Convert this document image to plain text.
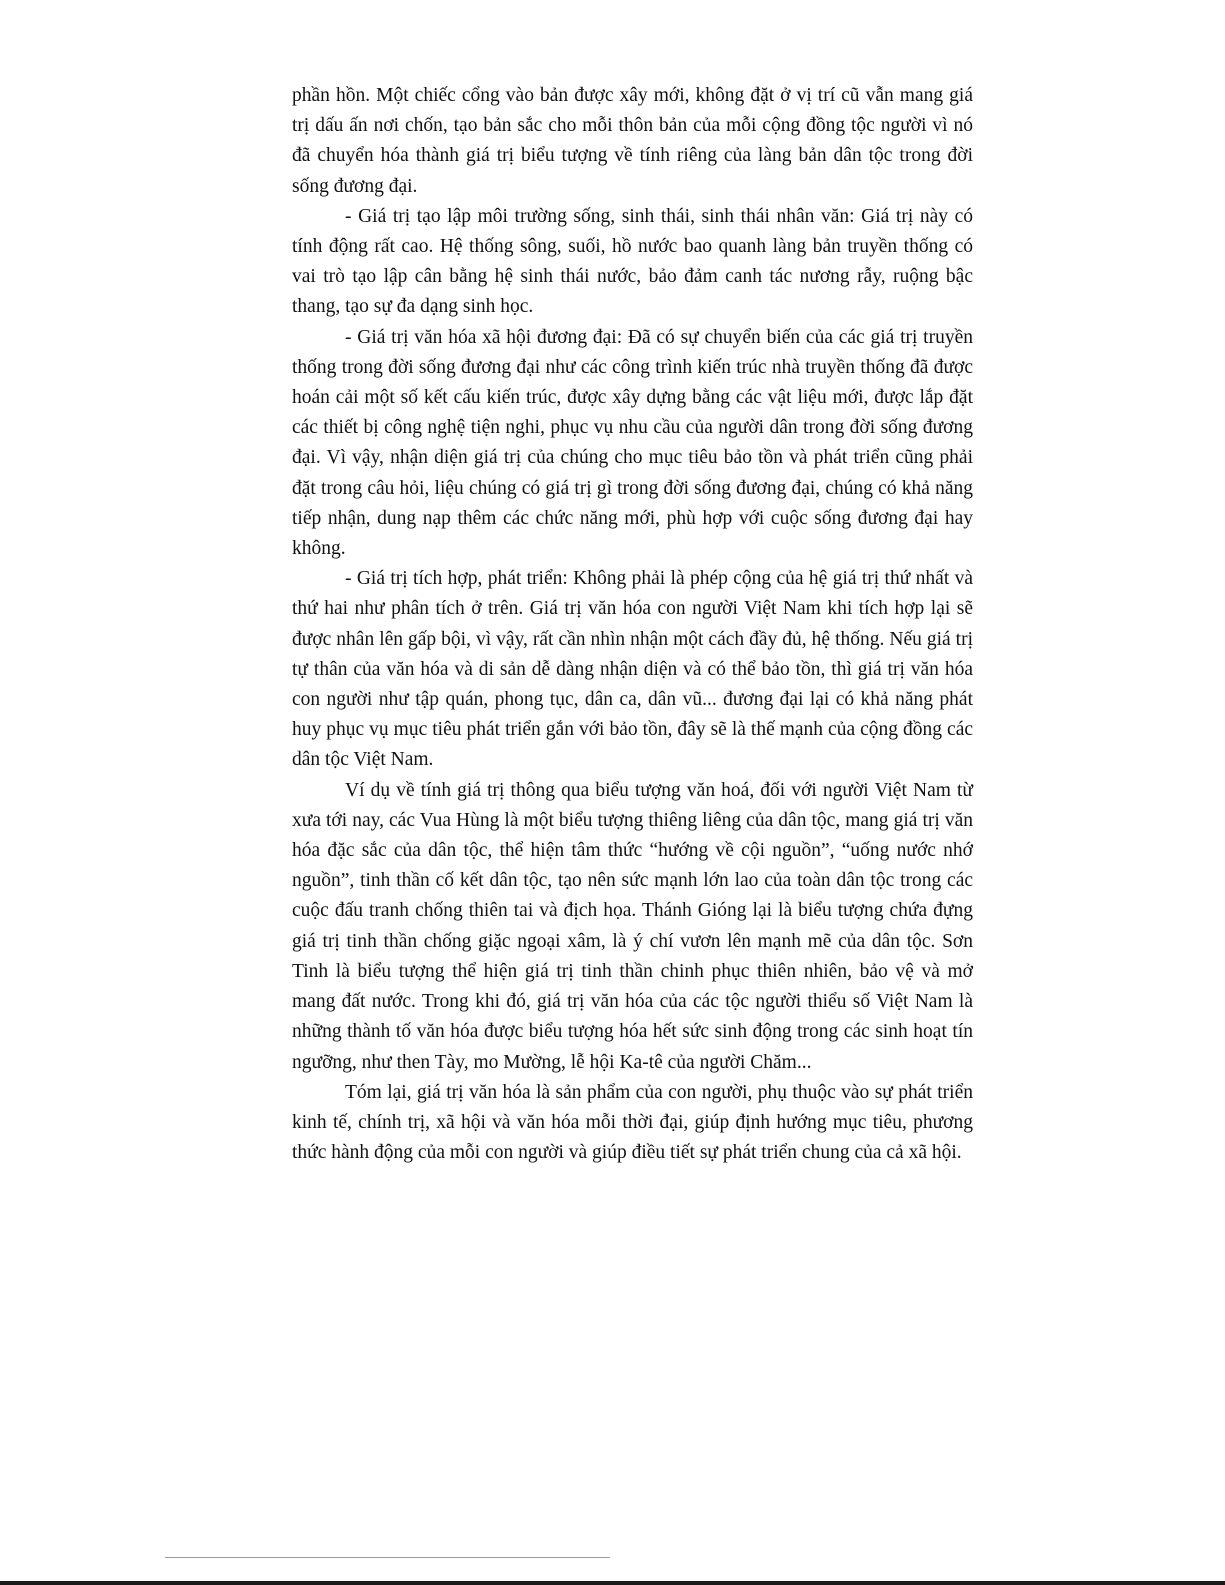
phần hồn. Một chiếc cổng vào bản được xây mới, không đặt ở vị trí cũ vẫn mang giá trị dấu ấn nơi chốn, tạo bản sắc cho mỗi thôn bản của mỗi cộng đồng tộc người vì nó đã chuyển hóa thành giá trị biểu tượng về tính riêng của làng bản dân tộc trong đời sống đương đại.

- Giá trị tạo lập môi trường sống, sinh thái, sinh thái nhân văn: Giá trị này có tính động rất cao. Hệ thống sông, suối, hồ nước bao quanh làng bản truyền thống có vai trò tạo lập cân bằng hệ sinh thái nước, bảo đảm canh tác nương rẫy, ruộng bậc thang, tạo sự đa dạng sinh học.

- Giá trị văn hóa xã hội đương đại: Đã có sự chuyển biến của các giá trị truyền thống trong đời sống đương đại như các công trình kiến trúc nhà truyền thống đã được hoán cải một số kết cấu kiến trúc, được xây dựng bằng các vật liệu mới, được lắp đặt các thiết bị công nghệ tiện nghi, phục vụ nhu cầu của người dân trong đời sống đương đại. Vì vậy, nhận diện giá trị của chúng cho mục tiêu bảo tồn và phát triển cũng phải đặt trong câu hỏi, liệu chúng có giá trị gì trong đời sống đương đại, chúng có khả năng tiếp nhận, dung nạp thêm các chức năng mới, phù hợp với cuộc sống đương đại hay không.

- Giá trị tích hợp, phát triển: Không phải là phép cộng của hệ giá trị thứ nhất và thứ hai như phân tích ở trên. Giá trị văn hóa con người Việt Nam khi tích hợp lại sẽ được nhân lên gấp bội, vì vậy, rất cần nhìn nhận một cách đầy đủ, hệ thống. Nếu giá trị tự thân của văn hóa và di sản dễ dàng nhận diện và có thể bảo tồn, thì giá trị văn hóa con người như tập quán, phong tục, dân ca, dân vũ... đương đại lại có khả năng phát huy phục vụ mục tiêu phát triển gắn với bảo tồn, đây sẽ là thế mạnh của cộng đồng các dân tộc Việt Nam.

Ví dụ về tính giá trị thông qua biểu tượng văn hoá, đối với người Việt Nam từ xưa tới nay, các Vua Hùng là một biểu tượng thiêng liêng của dân tộc, mang giá trị văn hóa đặc sắc của dân tộc, thể hiện tâm thức “hướng về cội nguồn”, “uống nước nhớ nguồn”, tinh thần cố kết dân tộc, tạo nên sức mạnh lớn lao của toàn dân tộc trong các cuộc đấu tranh chống thiên tai và địch họa. Thánh Gióng lại là biểu tượng chứa đựng giá trị tinh thần chống giặc ngoại xâm, là ý chí vươn lên mạnh mẽ của dân tộc. Sơn Tinh là biểu tượng thể hiện giá trị tinh thần chinh phục thiên nhiên, bảo vệ và mở mang đất nước. Trong khi đó, giá trị văn hóa của các tộc người thiểu số Việt Nam là những thành tố văn hóa được biểu tượng hóa hết sức sinh động trong các sinh hoạt tín ngưỡng, như then Tày, mo Mường, lễ hội Ka-tê của người Chăm...

Tóm lại, giá trị văn hóa là sản phẩm của con người, phụ thuộc vào sự phát triển kinh tế, chính trị, xã hội và văn hóa mỗi thời đại, giúp định hướng mục tiêu, phương thức hành động của mỗi con người và giúp điều tiết sự phát triển chung của cả xã hội.
